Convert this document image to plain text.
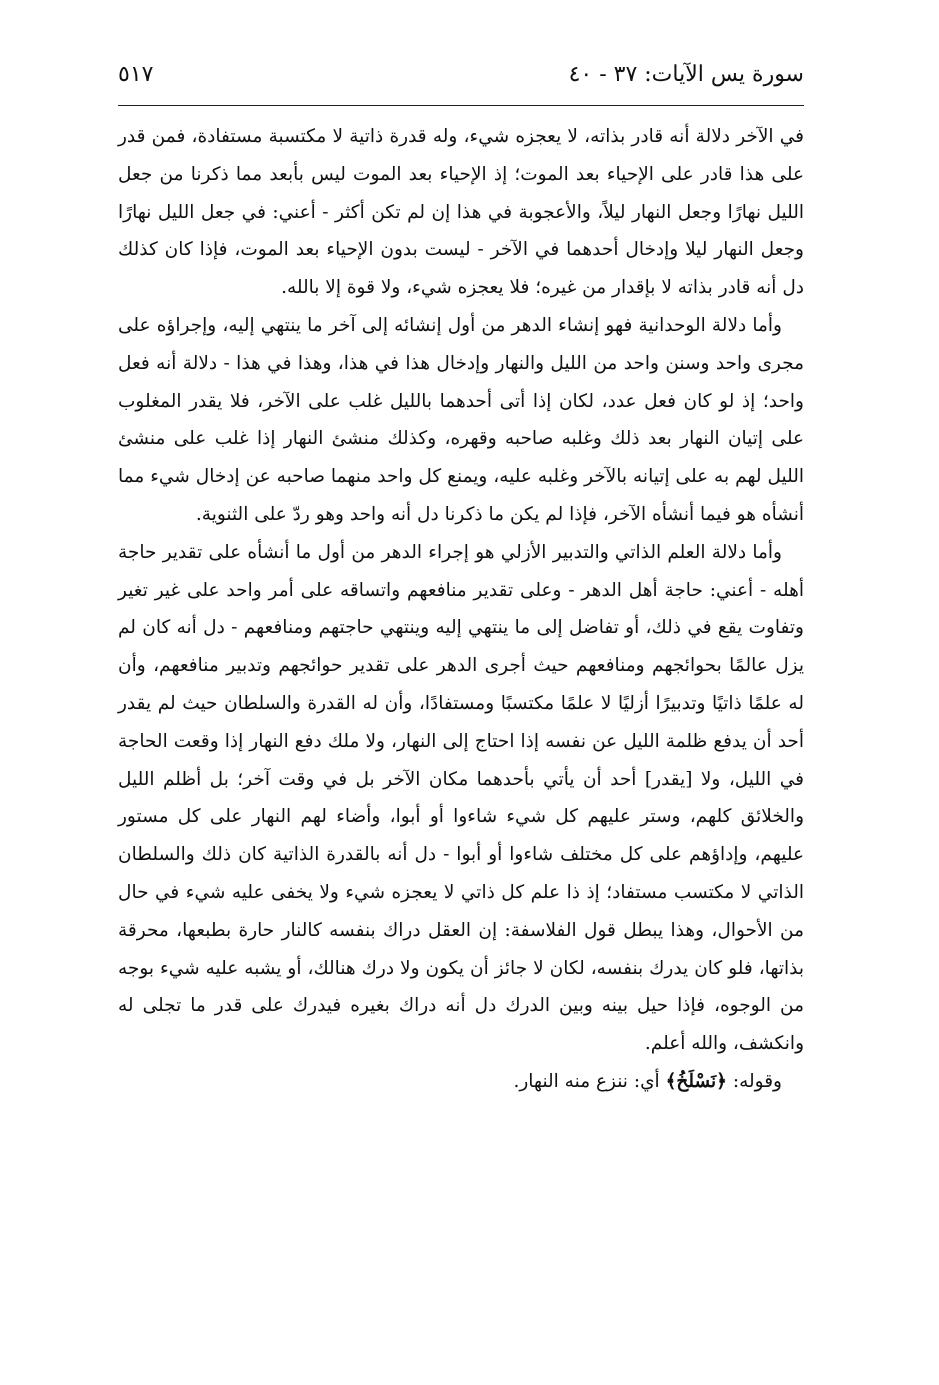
سورة يس الآيات: ٣٧ - ٤٠
٥١٧

في الآخر دلالة أنه قادر بذاته، لا يعجزه شيء، وله قدرة ذاتية لا مكتسبة مستفادة، فمن قدر على هذا قادر على الإحياء بعد الموت؛ إذ الإحياء بعد الموت ليس بأبعد مما ذكرنا من جعل الليل نهارًا وجعل النهار ليلاً، والأعجوبة في هذا إن لم تكن أكثر - أعني: في جعل الليل نهارًا وجعل النهار ليلا وإدخال أحدهما في الآخر - ليست بدون الإحياء بعد الموت، فإذا كان كذلك دل أنه قادر بذاته لا بإقدار من غيره؛ فلا يعجزه شيء، ولا قوة إلا بالله.

وأما دلالة الوحدانية فهو إنشاء الدهر من أول إنشائه إلى آخر ما ينتهي إليه، وإجراؤه على مجرى واحد وسنن واحد من الليل والنهار وإدخال هذا في هذا، وهذا في هذا - دلالة أنه فعل واحد؛ إذ لو كان فعل عدد، لكان إذا أتى أحدهما بالليل غلب على الآخر، فلا يقدر المغلوب على إتيان النهار بعد ذلك وغلبه صاحبه وقهره، وكذلك منشئ النهار إذا غلب على منشئ الليل لهم به على إتيانه بالآخر وغلبه عليه، ويمنع كل واحد منهما صاحبه عن إدخال شيء مما أنشأه هو فيما أنشأه الآخر، فإذا لم يكن ما ذكرنا دل أنه واحد وهو ردّ على الثنوية.

وأما دلالة العلم الذاتي والتدبير الأزلي هو إجراء الدهر من أول ما أنشأه على تقدير حاجة أهله - أعني: حاجة أهل الدهر - وعلى تقدير منافعهم واتساقه على أمر واحد على غير تغير وتفاوت يقع في ذلك، أو تفاضل إلى ما ينتهي إليه وينتهي حاجتهم ومنافعهم - دل أنه كان لم يزل عالمًا بحوائجهم ومنافعهم حيث أجرى الدهر على تقدير حوائجهم وتدبير منافعهم، وأن له علمًا ذاتيًا وتدبيرًا أزليًا لا علمًا مكتسبًا ومستفادًا، وأن له القدرة والسلطان حيث لم يقدر أحد أن يدفع ظلمة الليل عن نفسه إذا احتاج إلى النهار، ولا ملك دفع النهار إذا وقعت الحاجة في الليل، ولا [يقدر] أحد أن يأتي بأحدهما مكان الآخر بل في وقت آخر؛ بل أظلم الليل والخلائق كلهم، وستر عليهم كل شيء شاءوا أو أبوا، وأضاء لهم النهار على كل مستور عليهم، وإداؤهم على كل مختلف شاءوا أو أبوا - دل أنه بالقدرة الذاتية كان ذلك والسلطان الذاتي لا مكتسب مستفاد؛ إذ ذا علم كل ذاتي لا يعجزه شيء ولا يخفى عليه شيء في حال من الأحوال، وهذا يبطل قول الفلاسفة: إن العقل دراك بنفسه كالنار حارة بطبعها، محرقة بذاتها، فلو كان يدرك بنفسه، لكان لا جائز أن يكون ولا درك هنالك، أو يشبه عليه شيء بوجه من الوجوه، فإذا حيل بينه وبين الدرك دل أنه دراك بغيره فيدرك على قدر ما تجلى له وانكشف، والله أعلم.

وقوله: ﴿نَسْلَخُ﴾ أي: ننزع منه النهار.
